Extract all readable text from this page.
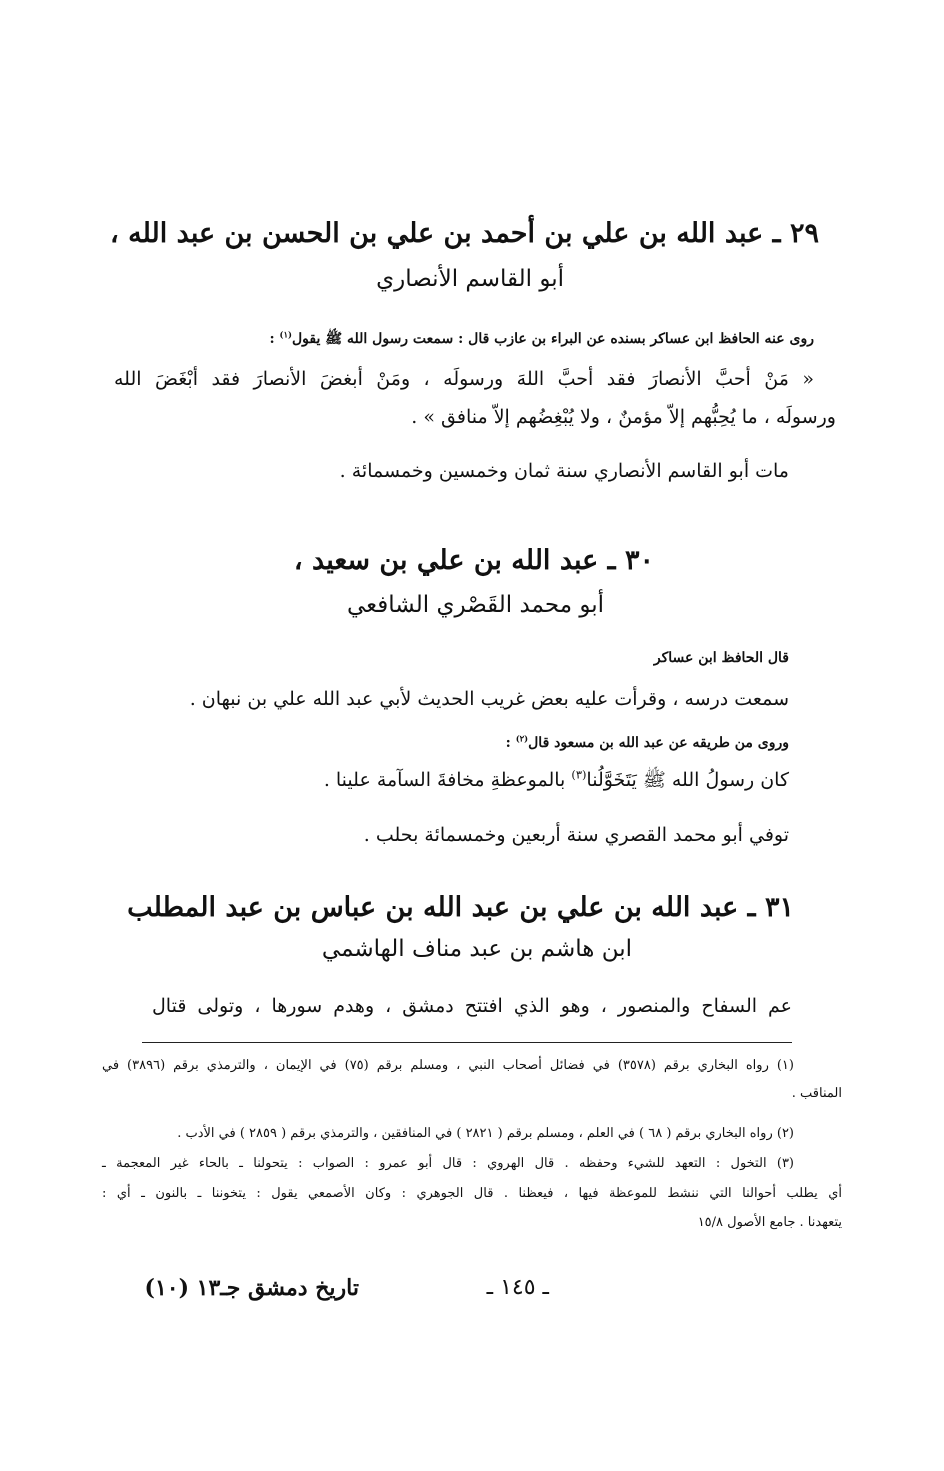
٢٩ ـ عبد الله بن علي بن أحمد بن علي بن الحسن بن عبد الله ،
أبو القاسم الأنصاري
روى عنه الحافظ ابن عساكر بسنده عن البراء بن عازب قال : سمعت رسول الله ﷺ يقول$^{(١)}$ :
« مَنْ أحبَّ الأنصارَ فقد أحبَّ اللهَ ورسولَه ، ومَنْ أبغضَ الأنصارَ فقد أبْغَضَ الله
ورسولَه ، ما يُحِبُّهم إلاّ مؤمنٌ ، ولا يُبْغِضُهم إلاّ منافق » .
مات أبو القاسم الأنصاري سنة ثمان وخمسين وخمسمائة .
٣٠ ـ عبد الله بن علي بن سعيد ،
أبو محمد القَصْري الشافعي
قال الحافظ ابن عساكر
سمعت درسه ، وقرأت عليه بعض غريب الحديث لأبي عبد الله علي بن نبهان .
وروى من طريقه عن عبد الله بن مسعود قال$^{(٢)}$ :
كان رسولُ الله ﷺ يَتَخَوَّلُنا$^{(٣)}$ بالموعظةِ مخافةَ السآمة علينا .
توفي أبو محمد القصري سنة أربعين وخمسمائة بحلب .
٣١ ـ عبد الله بن علي بن عبد الله بن عباس بن عبد المطلب
ابن هاشم بن عبد مناف الهاشمي
عم السفاح والمنصور ، وهو الذي افتتح دمشق ، وهدم سورها ، وتولى قتال
(١) رواه البخاري برقم (٣٥٧٨) في فضائل أصحاب النبي ، ومسلم برقم (٧٥) في الإيمان ، والترمذي برقم (٣٨٩٦) في
المناقب .
(٢) رواه البخاري برقم ( ٦٨ ) في العلم ، ومسلم برقم ( ٢٨٢١ ) في المنافقين ، والترمذي برقم ( ٢٨٥٩ ) في الأدب .
(٣) التخول : التعهد للشيء وحفظه . قال الهروي : قال أبو عمرو : الصواب : يتحولنا ـ بالحاء غير المعجمة ـ
أي يطلب أحوالنا التي ننشط للموعظة فيها ، فيعظنا . قال الجوهري : وكان الأصمعي يقول : يتخوننا ـ بالنون ـ أي :
يتعهدنا . جامع الأصول ١٥/٨
ـ ١٤٥ ـ
تاريخ دمشق جـ١٣ (١٠)
